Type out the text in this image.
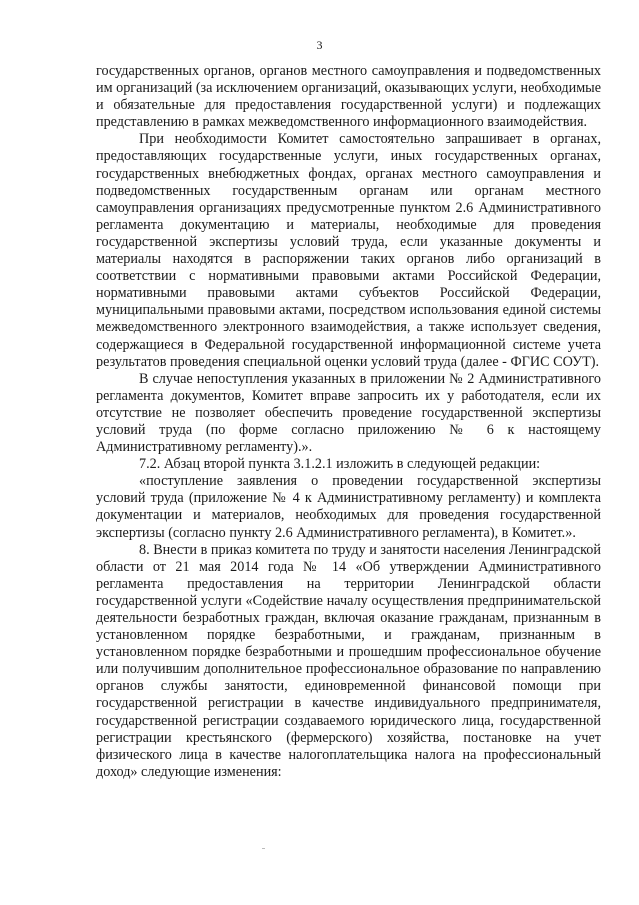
3

государственных органов, органов местного самоуправления и подведомственных им организаций (за исключением организаций, оказывающих услуги, необходимые и обязательные для предоставления государственной услуги) и подлежащих представлению в рамках межведомственного информационного взаимодействия.

При необходимости Комитет самостоятельно запрашивает в органах, предоставляющих государственные услуги, иных государственных органах, государственных внебюджетных фондах, органах местного самоуправления и подведомственных государственным органам или органам местного самоуправления организациях предусмотренные пунктом 2.6 Административного регламента документацию и материалы, необходимые для проведения государственной экспертизы условий труда, если указанные документы и материалы находятся в распоряжении таких органов либо организаций в соответствии с нормативными правовыми актами Российской Федерации, нормативными правовыми актами субъектов Российской Федерации, муниципальными правовыми актами, посредством использования единой системы межведомственного электронного взаимодействия, а также использует сведения, содержащиеся в Федеральной государственной информационной системе учета результатов проведения специальной оценки условий труда (далее - ФГИС СОУТ).

В случае непоступления указанных в приложении № 2 Административного регламента документов, Комитет вправе запросить их у работодателя, если их отсутствие не позволяет обеспечить проведение государственной экспертизы условий труда (по форме согласно приложению № 6 к настоящему Административному регламенту).».

7.2. Абзац второй пункта 3.1.2.1 изложить в следующей редакции:

«поступление заявления о проведении государственной экспертизы условий труда (приложение № 4 к Административному регламенту) и комплекта документации и материалов, необходимых для проведения государственной экспертизы (согласно пункту 2.6 Административного регламента), в Комитет.».

8. Внести в приказ комитета по труду и занятости населения Ленинградской области от 21 мая 2014 года № 14 «Об утверждении Административного регламента предоставления на территории Ленинградской области государственной услуги «Содействие началу осуществления предпринимательской деятельности безработных граждан, включая оказание гражданам, признанным в установленном порядке безработными, и гражданам, признанным в установленном порядке безработными и прошедшим профессиональное обучение или получившим дополнительное профессиональное образование по направлению органов службы занятости, единовременной финансовой помощи при государственной регистрации в качестве индивидуального предпринимателя, государственной регистрации создаваемого юридического лица, государственной регистрации крестьянского (фермерского) хозяйства, постановке на учет физического лица в качестве налогоплательщика налога на профессиональный доход» следующие изменения:
